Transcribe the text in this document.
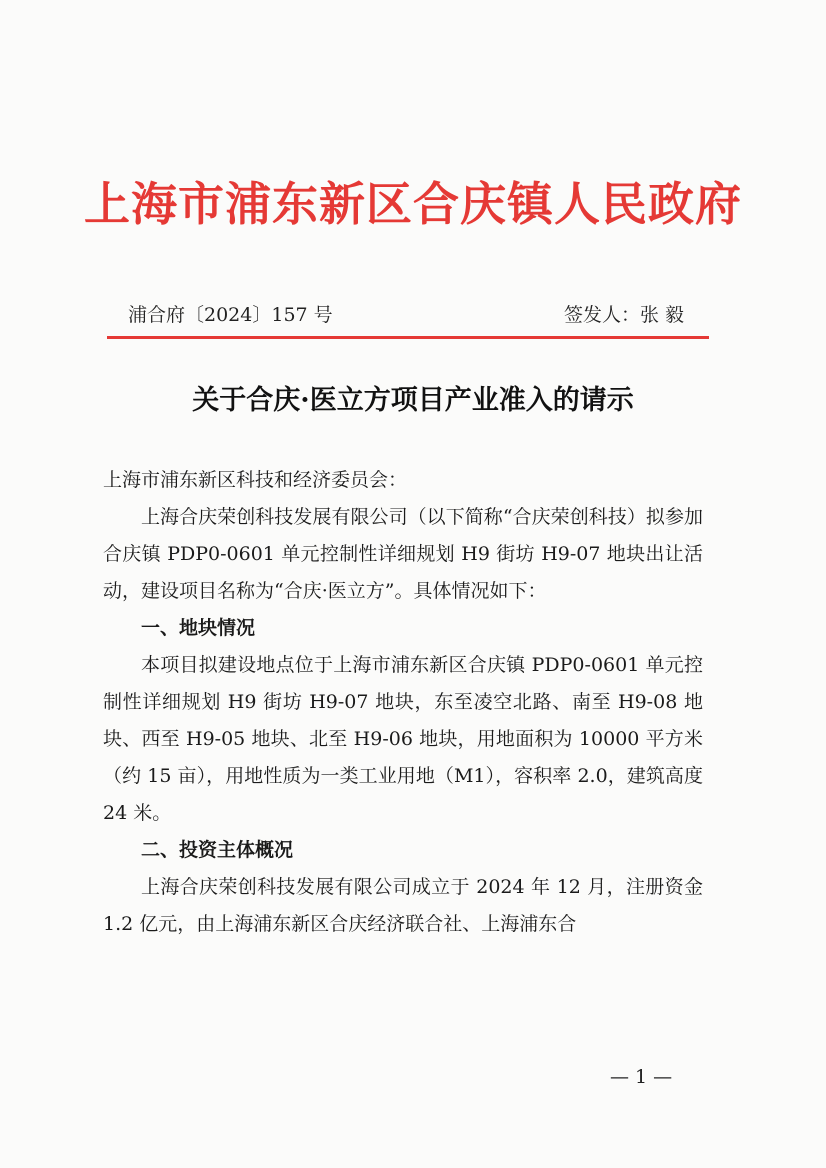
上海市浦东新区合庆镇人民政府
浦合府〔2024〕157 号	签发人：张 毅
关于合庆·医立方项目产业准入的请示

上海市浦东新区科技和经济委员会：

上海合庆荣创科技发展有限公司（以下简称“合庆荣创科技）拟参加合庆镇 PDP0-0601 单元控制性详细规划 H9 街坊 H9-07 地块出让活动，建设项目名称为“合庆·医立方”。具体情况如下：

一、地块情况

本项目拟建设地点位于上海市浦东新区合庆镇 PDP0-0601 单元控制性详细规划 H9 街坊 H9-07 地块，东至凌空北路、南至 H9-08 地块、西至 H9-05 地块、北至 H9-06 地块，用地面积为 10000 平方米（约 15 亩），用地性质为一类工业用地（M1），容积率 2.0，建筑高度 24 米。

二、投资主体概况

上海合庆荣创科技发展有限公司成立于 2024 年 12 月，注册资金 1.2 亿元，由上海浦东新区合庆经济联合社、上海浦东合

— 1 —
